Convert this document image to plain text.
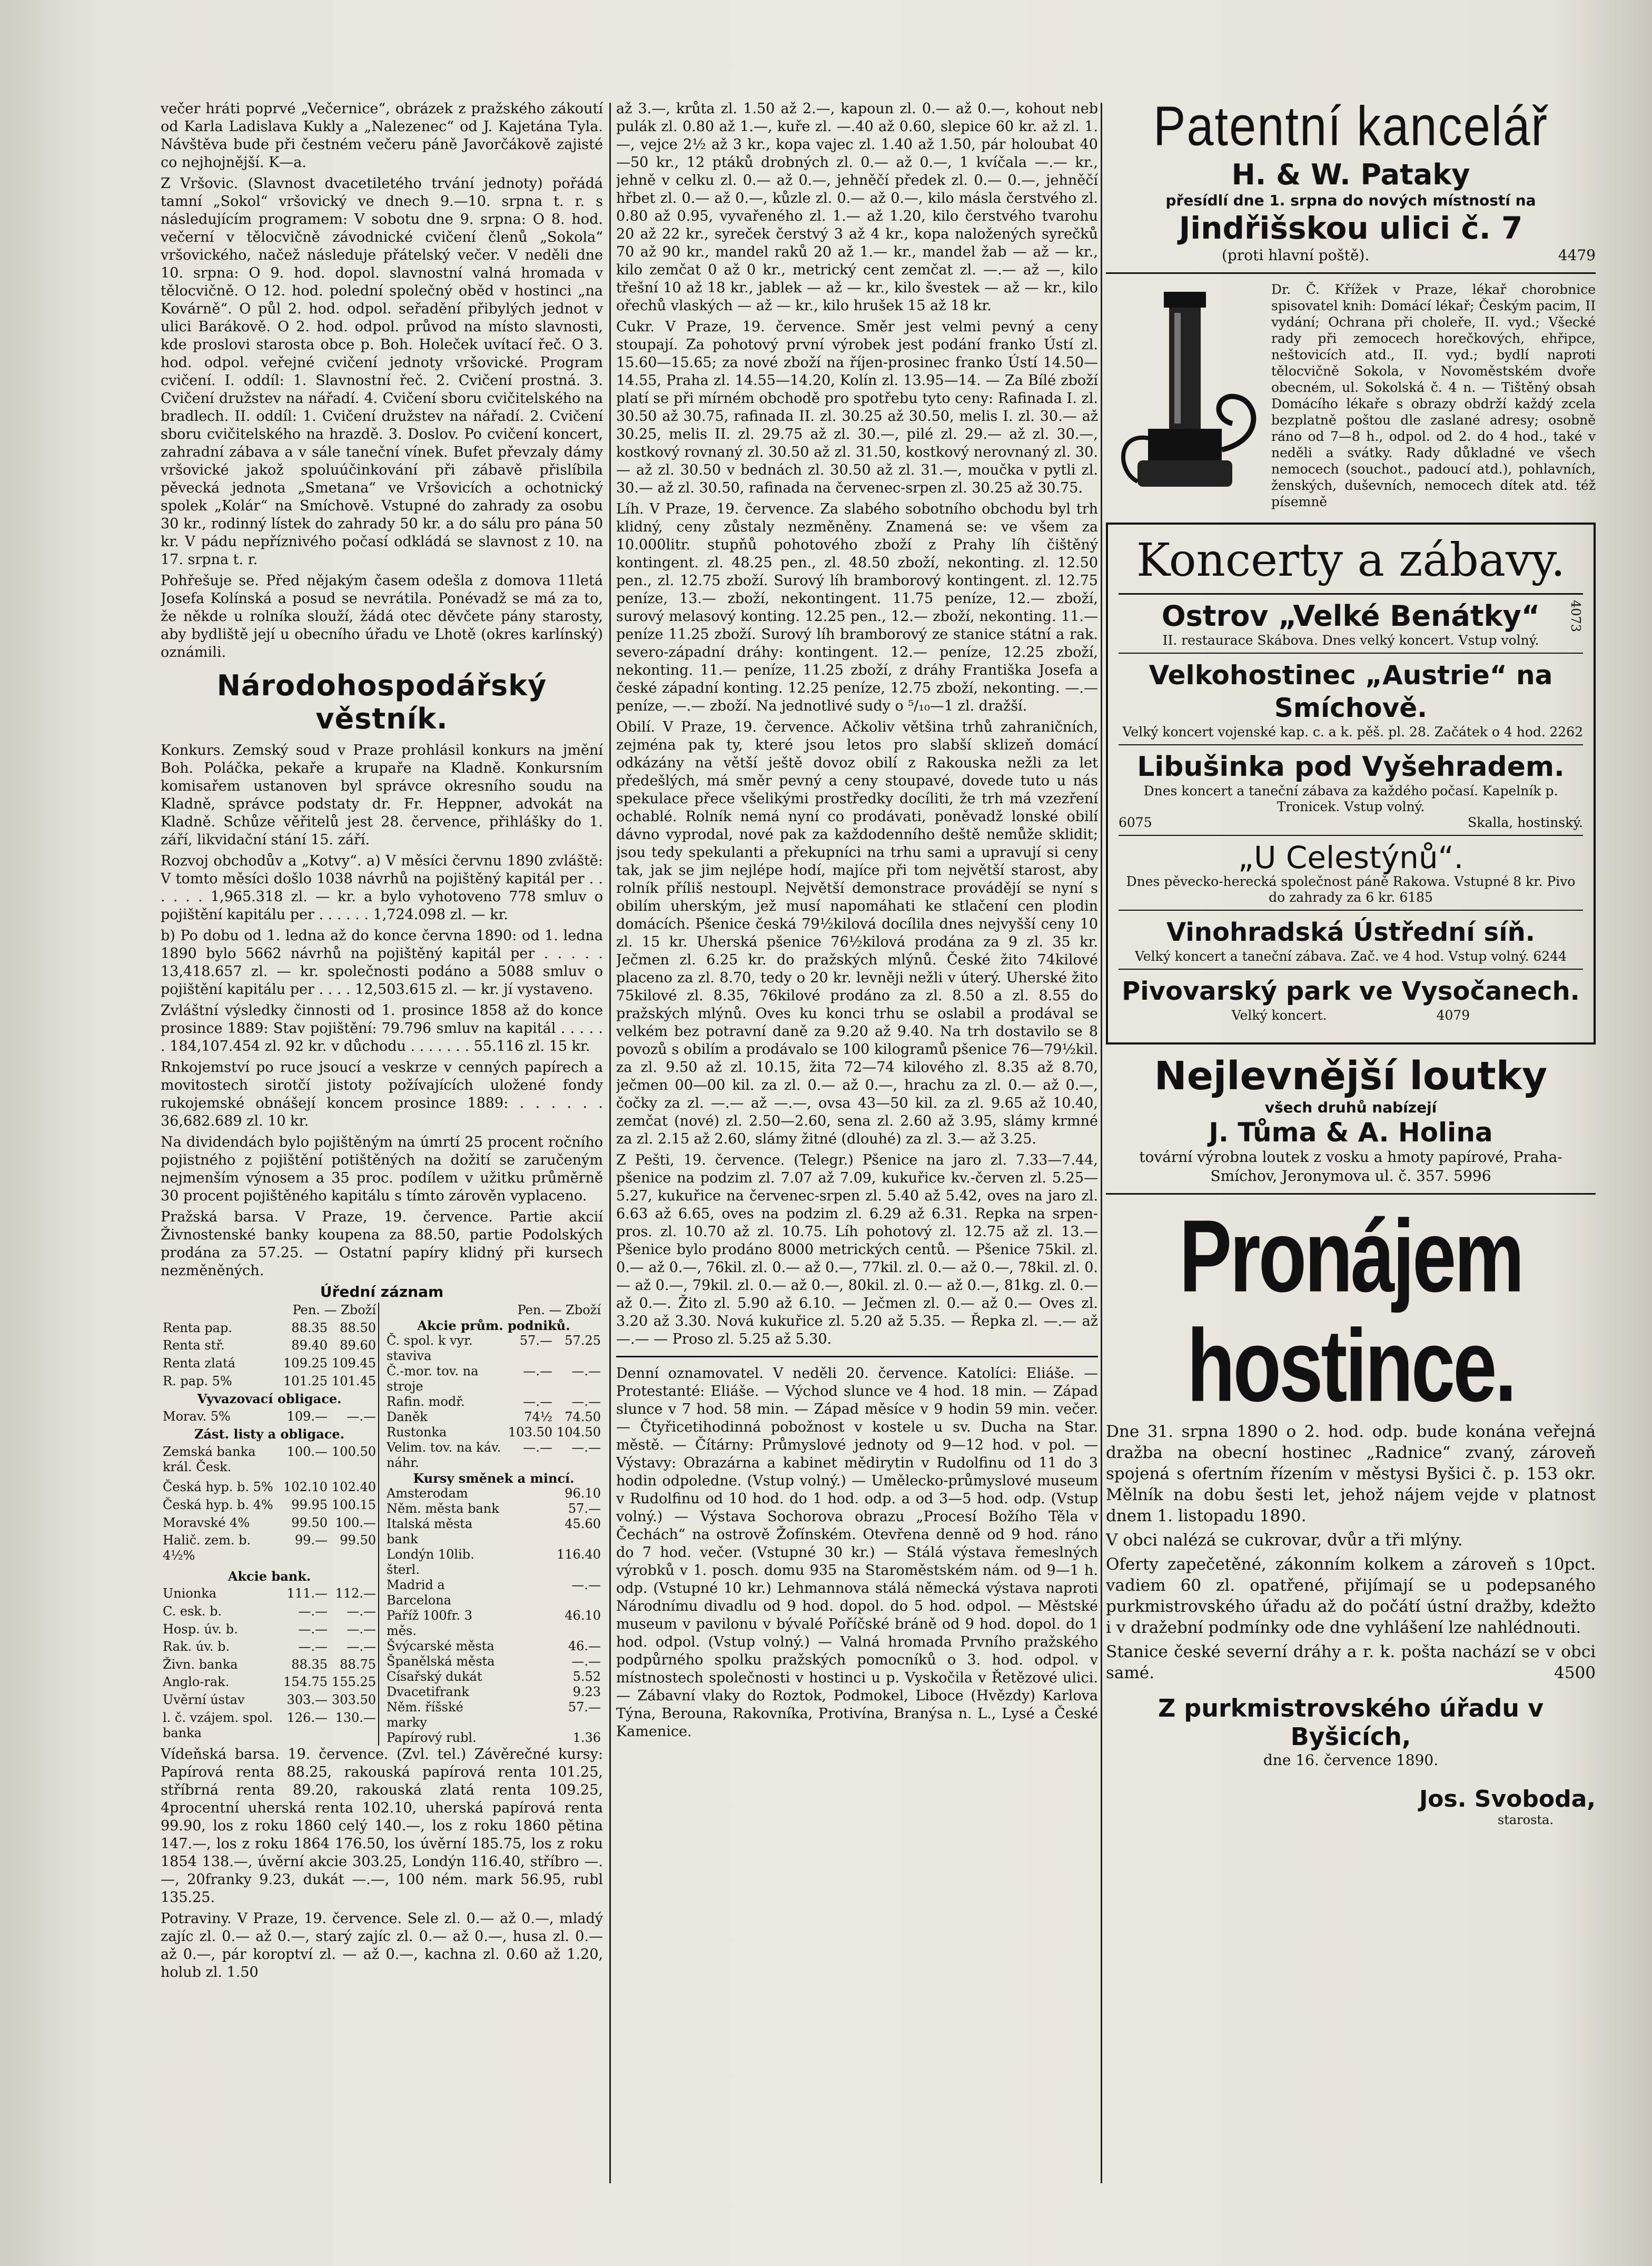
večer hráti poprvé „Večernice“, obrázek z pražského zákoutí od Karla Ladislava Kukly a „Nalezenec“ od J. Kajetána Tyla. Návštěva bude při čestném večeru páně Javorčákově zajisté co nejhojnější. K—a.

Z Vršovic. (Slavnost dvacetiletého trvání jednoty) pořádá tamní „Sokol“ vršovický ve dnech 9.—10. srpna t. r. s následujícím programem: V sobotu dne 9. srpna: O 8. hod. večerní v tělocvičně závodnické cvičení členů „Sokola“ vršovického, načež následuje přátelský večer. V neděli dne 10. srpna: O 9. hod. dopol. slavnostní valná hromada v tělocvičně. O 12. hod. polední společný oběd v hostinci „na Kovárně“. O půl 2. hod. odpol. seřadění přibylých jednot v ulici Barákově. O 2. hod. odpol. průvod na místo slavnosti, kde proslovi starosta obce p. Boh. Holeček uvítací řeč. O 3. hod. odpol. veřejné cvičení jednoty vršovické. Program cvičení. I. oddíl: 1. Slavnostní řeč. 2. Cvičení prostná. 3. Cvičení družstev na nářadí. 4. Cvičení sboru cvičitelského na bradlech. II. oddíl: 1. Cvičení družstev na nářadí. 2. Cvičení sboru cvičitelského na hrazdě. 3. Doslov. Po cvičení koncert, zahradní zábava a v sále taneční vínek. Bufet převzaly dámy vršovické jakož spoluúčinkování při zábavě přislíbila pěvecká jednota „Smetana“ ve Vršovicích a ochotnický spolek „Kolár“ na Smíchově. Vstupné do zahrady za osobu 30 kr., rodinný lístek do zahrady 50 kr. a do sálu pro pána 50 kr. V pádu nepříznivého počasí odkládá se slavnost z 10. na 17. srpna t. r.

Pohřešuje se. Před nějakým časem odešla z domova 11letá Josefa Kolínská a posud se nevrátila. Ponévadž se má za to, že někde u rolníka slouží, žádá otec děvčete pány starosty, aby bydliště její u obecního úřadu ve Lhotě (okres karlínský) oznámili.

Národohospodářský věstník.

Konkurs. Zemský soud v Praze prohlásil konkurs na jmění Boh. Poláčka, pekaře a krupaře na Kladně. Konkursním komisařem ustanoven byl správce okresního soudu na Kladně, správce podstaty dr. Fr. Heppner, advokát na Kladně. Schůze věřitelů jest 28. července, přihlášky do 1. září, likvidační stání 15. září.

Rozvoj obchodův a „Kotvy“. a) V měsíci červnu 1890 zvláště: V tomto měsíci došlo 1038 návrhů na pojištěný kapitál per . . . . . . 1,965.318 zl. — kr. a bylo vyhotoveno 778 smluv o pojištění kapitálu per . . . . . . 1,724.098 zl. — kr.

b) Po dobu od 1. ledna až do konce června 1890: od 1. ledna 1890 bylo 5662 návrhů na pojištěný kapitál per . . . . . 13,418.657 zl. — kr. společnosti podáno a 5088 smluv o pojištění kapitálu per . . . . 12,503.615 zl. — kr. jí vystaveno.

Zvláštní výsledky činnosti od 1. prosince 1858 až do konce prosince 1889: Stav pojištění: 79.796 smluv na kapitál . . . . . . 184,107.454 zl. 92 kr. v důchodu . . . . . . . 55.116 zl. 15 kr.

Rnkojemství po ruce jsoucí a veskrze v cenných papírech a movitostech sirotčí jistoty požívajících uložené fondy rukojemské obnášejí koncem prosince 1889: . . . . . . 36,682.689 zl. 10 kr.

Na dividendách bylo pojištěným na úmrtí 25 procent ročního pojistného z pojištění potištěných na dožití se zaručeným nejmenším výnosem a 35 proc. podílem v užitku průměrně 30 procent pojištěného kapitálu s tímto zárověn vyplaceno.

Pražská barsa. V Praze, 19. července. Partie akcií Živnostenské banky koupena za 88.50, partie Podolských prodána za 57.25. — Ostatní papíry klidný při kursech nezměněných.

Úřední záznam
	Pen. — Zboží	
Renta pap.	88.35	88.50
Renta stř.	89.40	89.60
Renta zlatá	109.25	109.45
R. pap. 5%	101.25	101.45
Vyvazovací obligace.		
Morav. 5%	109.—	—.—
Zást. listy a obligace.		
Zemská banka král. Česk.	100.—	100.50
Česká hyp. b. 5%	102.10	102.40
Česká hyp. b. 4%	99.95	100.15
Moravské 4%	99.50	100.—
Halič. zem. b. 4½%	99.—	99.50
Akcie bank.		
Unionka	111.—	112.—
C. esk. b.	—.—	—.—
Hosp. úv. b.	—.—	—.—
Rak. úv. b.	—.—	—.—
Živn. banka	88.35	88.75
Anglo-rak.	154.75	155.25
Uvěrní ústav	303.—	303.50
l. č. vzájem. spol. banka	126.—	130.—
	Pen. — Zboží	
Akcie prům. podniků.		
Č. spol. k vyr. staviva	57.—	57.25
Č.-mor. tov. na stroje	—.—	—.—
Rafin. modř.	—.—	—.—
Daněk	74½	74.50
Rustonka	103.50	104.50
Velim. tov. na káv. náhr.	—.—	—.—
Kursy směnek a mincí.		
Amsterodam		96.10
Něm. města bank		57.—
Italská města bank		45.60
Londýn 10lib. šterl.		116.40
Madrid a Barcelona		—.—
Paříž 100fr. 3 měs.		46.10
Švýcarské města		46.—
Španělská města		—.—
Císařský dukát		5.52
Dvacetifrank		9.23
Něm. říšské marky		57.—
Papírový rubl.		1.36

Vídeňská barsa. 19. července. (Zvl. tel.) Závěrečné kursy: Papírová renta 88.25, rakouská papírová renta 101.25, stříbrná renta 89.20, rakouská zlatá renta 109.25, 4procentní uherská renta 102.10, uherská papírová renta 99.90, los z roku 1860 celý 140.—, los z roku 1860 pětina 147.—, los z roku 1864 176.50, los úvěrní 185.75, los z roku 1854 138.—, úvěrní akcie 303.25, Londýn 116.40, stříbro —.—, 20franky 9.23, dukát —.—, 100 ném. mark 56.95, rubl 135.25.

Potraviny. V Praze, 19. července. Sele zl. 0.— až 0.—, mladý zajíc zl. 0.— až 0.—, starý zajíc zl. 0.— až 0.—, husa zl. 0.— až 0.—, pár koroptví zl. — až 0.—, kachna zl. 0.60 až 1.20, holub zl. 1.50

až 3.—, krůta zl. 1.50 až 2.—, kapoun zl. 0.— až 0.—, kohout neb pulák zl. 0.80 až 1.—, kuře zl. —.40 až 0.60, slepice 60 kr. až zl. 1.—, vejce 2½ až 3 kr., kopa vajec zl. 1.40 až 1.50, pár holoubat 40—50 kr., 12 ptáků drobných zl. 0.— až 0.—, 1 kvíčala —.— kr., jehně v celku zl. 0.— až 0.—, jehněčí předek zl. 0.— 0.—, jehněčí hřbet zl. 0.— až 0.—, kůzle zl. 0.— až 0.—, kilo másla čerstvého zl. 0.80 až 0.95, vyvařeného zl. 1.— až 1.20, kilo čerstvého tvarohu 20 až 22 kr., syreček čerstvý 3 až 4 kr., kopa naložených syrečků 70 až 90 kr., mandel raků 20 až 1.— kr., mandel žab — až — kr., kilo zemčat 0 až 0 kr., metrický cent zemčat zl. —.— až —, kilo třešní 10 až 18 kr., jablek — až — kr., kilo švestek — až — kr., kilo ořechů vlaských — až — kr., kilo hrušek 15 až 18 kr.

Cukr. V Praze, 19. července. Směr jest velmi pevný a ceny stoupají. Za pohotový první výrobek jest podání franko Ústí zl. 15.60—15.65; za nové zboží na říjen-prosinec franko Ústí 14.50—14.55, Praha zl. 14.55—14.20, Kolín zl. 13.95—14. — Za Bílé zboží platí se při mírném obchodě pro spotřebu tyto ceny: Rafinada I. zl. 30.50 až 30.75, rafinada II. zl. 30.25 až 30.50, melis I. zl. 30.— až 30.25, melis II. zl. 29.75 až zl. 30.—, pilé zl. 29.— až zl. 30.—, kostkový rovnaný zl. 30.50 až zl. 31.50, kostkový nerovnaný zl. 30.— až zl. 30.50 v bednách zl. 30.50 až zl. 31.—, moučka v pytli zl. 30.— až zl. 30.50, rafinada na červenec-srpen zl. 30.25 až 30.75.

Líh. V Praze, 19. července. Za slabého sobotního obchodu byl trh klidný, ceny zůstaly nezměněny. Znamená se: ve všem za 10.000litr. stupňů pohotového zboží z Prahy líh čištěný kontingent. zl. 48.25 pen., zl. 48.50 zboží, nekonting. zl. 12.50 pen., zl. 12.75 zboží. Surový líh bramborový kontingent. zl. 12.75 peníze, 13.— zboží, nekontingent. 11.75 peníze, 12.— zboží, surový melasový konting. 12.25 pen., 12.— zboží, nekonting. 11.— peníze 11.25 zboží. Surový líh bramborový ze stanice státní a rak. severo-západní dráhy: kontingent. 12.— peníze, 12.25 zboží, nekonting. 11.— peníze, 11.25 zboží, z dráhy Františka Josefa a české západní konting. 12.25 peníze, 12.75 zboží, nekonting. —.— peníze, —.— zboží. Na jednotlivé sudy o ⁵/₁₀—1 zl. dražší.

Obilí. V Praze, 19. července. Ačkoliv většina trhů zahraničních, zejména pak ty, které jsou letos pro slabší sklizeň domácí odkázány na větší ještě dovoz obilí z Rakouska nežli za let předešlých, má směr pevný a ceny stoupavé, dovede tuto u nás spekulace přece všelikými prostředky docíliti, že trh má vzezření ochablé. Rolník nemá nyní co prodávati, poněvadž lonské obilí dávno vyprodal, nové pak za každodenního deště nemůže sklidit; jsou tedy spekulanti a překupníci na trhu sami a upravují si ceny tak, jak se jim nejlépe hodí, majíce při tom největší starost, aby rolník příliš nestoupl. Největší demonstrace provádějí se nyní s obilím uherským, jež musí napomáhati ke stlačení cen plodin domácích. Pšenice česká 79½kilová docílila dnes nejvyšší ceny 10 zl. 15 kr. Uherská pšenice 76½kilová prodána za 9 zl. 35 kr. Ječmen zl. 6.25 kr. do pražských mlýnů. České žito 74kilové placeno za zl. 8.70, tedy o 20 kr. levněji nežli v úterý. Uherské žito 75kilové zl. 8.35, 76kilové prodáno za zl. 8.50 a zl. 8.55 do pražských mlýnů. Oves ku konci trhu se oslabil a prodával se velkém bez potravní daně za 9.20 až 9.40. Na trh dostavilo se 8 povozů s obilím a prodávalo se 100 kilogramů pšenice 76—79½kil. za zl. 9.50 až zl. 10.15, žita 72—74 kilového zl. 8.35 až 8.70, ječmen 00—00 kil. za zl. 0.— až 0.—, hrachu za zl. 0.— až 0.—, čočky za zl. —.— až —.—, ovsa 43—50 kil. za zl. 9.65 až 10.40, zemčat (nové) zl. 2.50—2.60, sena zl. 2.60 až 3.95, slámy krmné za zl. 2.15 až 2.60, slámy žitné (dlouhé) za zl. 3.— až 3.25.

Z Pešti, 19. července. (Telegr.) Pšenice na jaro zl. 7.33—7.44, pšenice na podzim zl. 7.07 až 7.09, kukuřice kv.-červen zl. 5.25—5.27, kukuřice na červenec-srpen zl. 5.40 až 5.42, oves na jaro zl. 6.63 až 6.65, oves na podzim zl. 6.29 až 6.31. Repka na srpen-pros. zl. 10.70 až zl. 10.75. Líh pohotový zl. 12.75 až zl. 13.— Pšenice bylo prodáno 8000 metrických centů. — Pšenice 75kil. zl. 0.— až 0.—, 76kil. zl. 0.— až 0.—, 77kil. zl. 0.— až 0.—, 78kil. zl. 0.— až 0.—, 79kil. zl. 0.— až 0.—, 80kil. zl. 0.— až 0.—, 81kg. zl. 0.— až 0.—. Žito zl. 5.90 až 6.10. — Ječmen zl. 0.— až 0.— Oves zl. 3.20 až 3.30. Nová kukuřice zl. 5.20 až 5.35. — Řepka zl. —.— až —.— — Proso zl. 5.25 až 5.30.

Denní oznamovatel. V neděli 20. července. Katolíci: Eliáše. — Protestanté: Eliáše. — Východ slunce ve 4 hod. 18 min. — Západ slunce v 7 hod. 58 min. — Západ měsíce v 9 hodin 59 min. večer. — Čtyřicetihodinná pobožnost v kostele u sv. Ducha na Star. městě. — Čítárny: Průmyslové jednoty od 9—12 hod. v pol. — Výstavy: Obrazárna a kabinet mědirytin v Rudolfinu od 11 do 3 hodin odpoledne. (Vstup volný.) — Umělecko-průmyslové museum v Rudolfinu od 10 hod. do 1 hod. odp. a od 3—5 hod. odp. (Vstup volný.) — Výstava Sochorova obrazu „Procesí Božího Těla v Čechách“ na ostrově Žofínském. Otevřena denně od 9 hod. ráno do 7 hod. večer. (Vstupné 30 kr.) — Stálá výstava řemeslných výrobků v 1. posch. domu 935 na Staroměstském nám. od 9—1 h. odp. (Vstupné 10 kr.) Lehmannova stálá německá výstava naproti Národnímu divadlu od 9 hod. dopol. do 5 hod. odpol. — Městské museum v pavilonu v bývalé Poříčské bráně od 9 hod. dopol. do 1 hod. odpol. (Vstup volný.) — Valná hromada Prvního pražského podpůrného spolku pražských pomocníků o 3. hod. odpol. v místnostech společnosti v hostinci u p. Vyskočila v Řetězové ulici. — Zábavní vlaky do Roztok, Podmokel, Liboce (Hvězdy) Karlova Týna, Berouna, Rakovníka, Protivína, Branýsa n. L., Lysé a České Kamenice.

Patentní kancelář
H. & W. Pataky
přesídlí dne 1. srpna do nových místností na
Jindřišskou ulici č. 7
(proti hlavní poště).	4479

Dr. Č. Křížek v Praze, lékař chorobnice spisovatel knih: Domácí lékař; Českým pacim, II vydání; Ochrana při choleře, II. vyd.; Všecké rady při zemocech horečkových, ehřipce, neštovicích atd., II. vyd.; bydlí naproti tělocvičně Sokola, v Novoměstském dvoře obecném, ul. Sokolská č. 4 n. — Tištěný obsah Domácího lékaře s obrazy obdrží každý zcela bezplatně poštou dle zaslané adresy; osobně ráno od 7—8 h., odpol. od 2. do 4 hod., také v neděli a svátky. Rady důkladné ve všech nemocech (souchot., padoucí atd.), pohlavních, ženských, duševních, nemocech dítek atd. též písemně

Koncerty a zábavy.
Ostrov „Velké Benátky“	4073
II. restaurace Skábova. Dnes velký koncert. Vstup volný.
Velkohostinec „Austrie“ na Smíchově.
Velký koncert vojenské kap. c. a k. pěš. pl. 28. Začátek o 4 hod. 2262
Libušinka pod Vyšehradem.
Dnes koncert a taneční zábava za každého počasí. Kapelník p. Tronicek. Vstup volný.
6075	Skalla, hostinský.
„U Celestýnů“.
Dnes pěvecko-herecká společnost páně Rakowa. Vstupné 8 kr. Pivo do zahrady za 6 kr. 6185
Vinohradská Ústřední síň.
Velký koncert a taneční zábava. Zač. ve 4 hod. Vstup volný. 6244
Pivovarský park ve Vysočanech.
Velký koncert.	4079
Nejlevnější loutky
všech druhů nabízejí
J. Tůma & A. Holina
tovární výrobna loutek z vosku a hmoty papírové, Praha-Smíchov, Jeronymova ul. č. 357. 5996
Pronájem hostince.

Dne 31. srpna 1890 o 2. hod. odp. bude konána veřejná dražba na obecní hostinec „Radnice“ zvaný, zároveň spojená s ofertním řízením v městysi Byšici č. p. 153 okr. Mělník na dobu šesti let, jehož nájem vejde v platnost dnem 1. listopadu 1890.

V obci nalézá se cukrovar, dvůr a tři mlýny.

Oferty zapečetěné, zákonním kolkem a zároveň s 10pct. vadiem 60 zl. opatřené, přijímají se u podepsaného purkmistrovského úřadu až do počátí ústní dražby, kdežto i v dražební podmínky ode dne vyhlášení lze nahlédnouti.

Stanice české severní dráhy a r. k. pošta nachází se v obci samé.	4500

Z purkmistrovského úřadu v Byšicích,
dne 16. července 1890.
Jos. Svoboda,
starosta.
